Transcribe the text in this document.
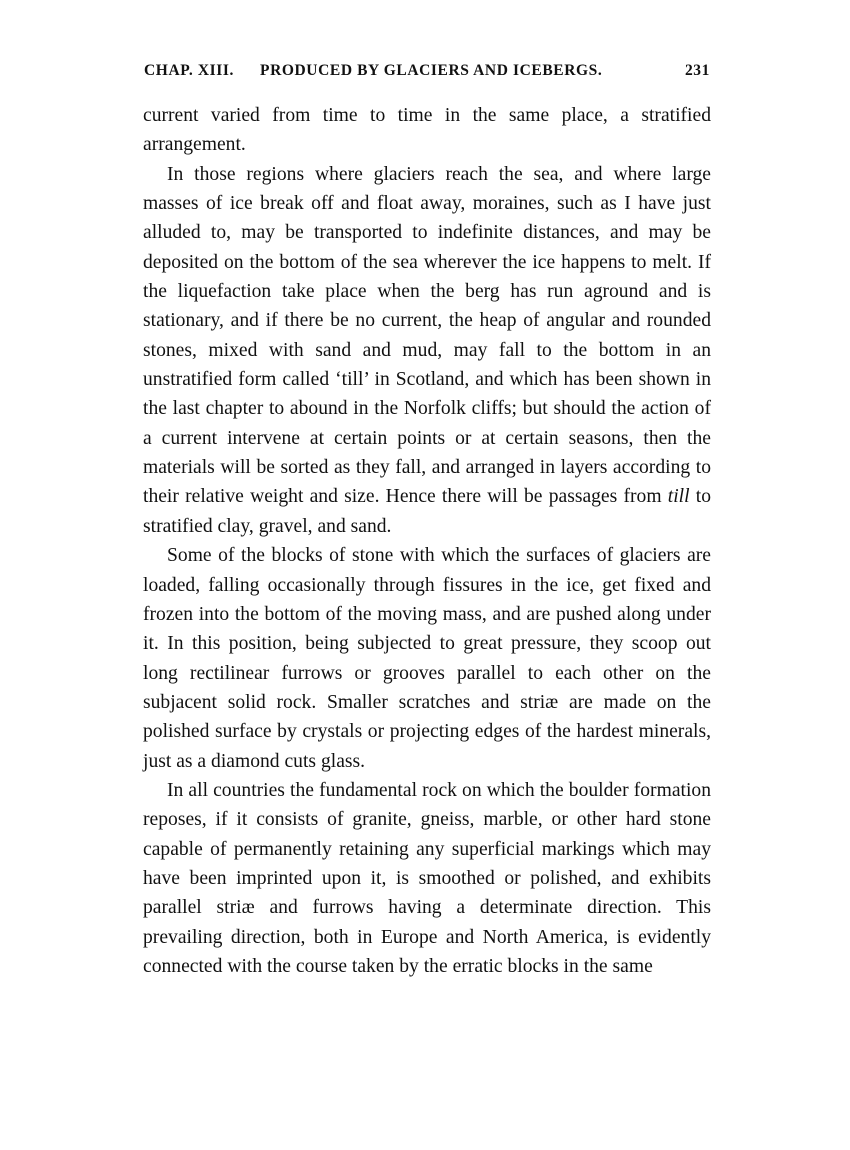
CHAP. XIII. PRODUCED BY GLACIERS AND ICEBERGS.	231

current varied from time to time in the same place, a stratified arrangement.

In those regions where glaciers reach the sea, and where large masses of ice break off and float away, moraines, such as I have just alluded to, may be transported to indefinite distances, and may be deposited on the bottom of the sea wherever the ice happens to melt. If the liquefaction take place when the berg has run aground and is stationary, and if there be no current, the heap of angular and rounded stones, mixed with sand and mud, may fall to the bottom in an unstratified form called ‘till’ in Scotland, and which has been shown in the last chapter to abound in the Norfolk cliffs; but should the action of a current intervene at certain points or at certain seasons, then the materials will be sorted as they fall, and arranged in layers according to their relative weight and size. Hence there will be passages from till to stratified clay, gravel, and sand.

Some of the blocks of stone with which the surfaces of glaciers are loaded, falling occasionally through fissures in the ice, get fixed and frozen into the bottom of the moving mass, and are pushed along under it. In this position, being subjected to great pressure, they scoop out long rectilinear furrows or grooves parallel to each other on the subjacent solid rock. Smaller scratches and striæ are made on the polished surface by crystals or projecting edges of the hardest minerals, just as a diamond cuts glass.

In all countries the fundamental rock on which the boulder formation reposes, if it consists of granite, gneiss, marble, or other hard stone capable of permanently retaining any superficial markings which may have been imprinted upon it, is smoothed or polished, and exhibits parallel striæ and furrows having a determinate direction. This prevailing direction, both in Europe and North America, is evidently connected with the course taken by the erratic blocks in the same
